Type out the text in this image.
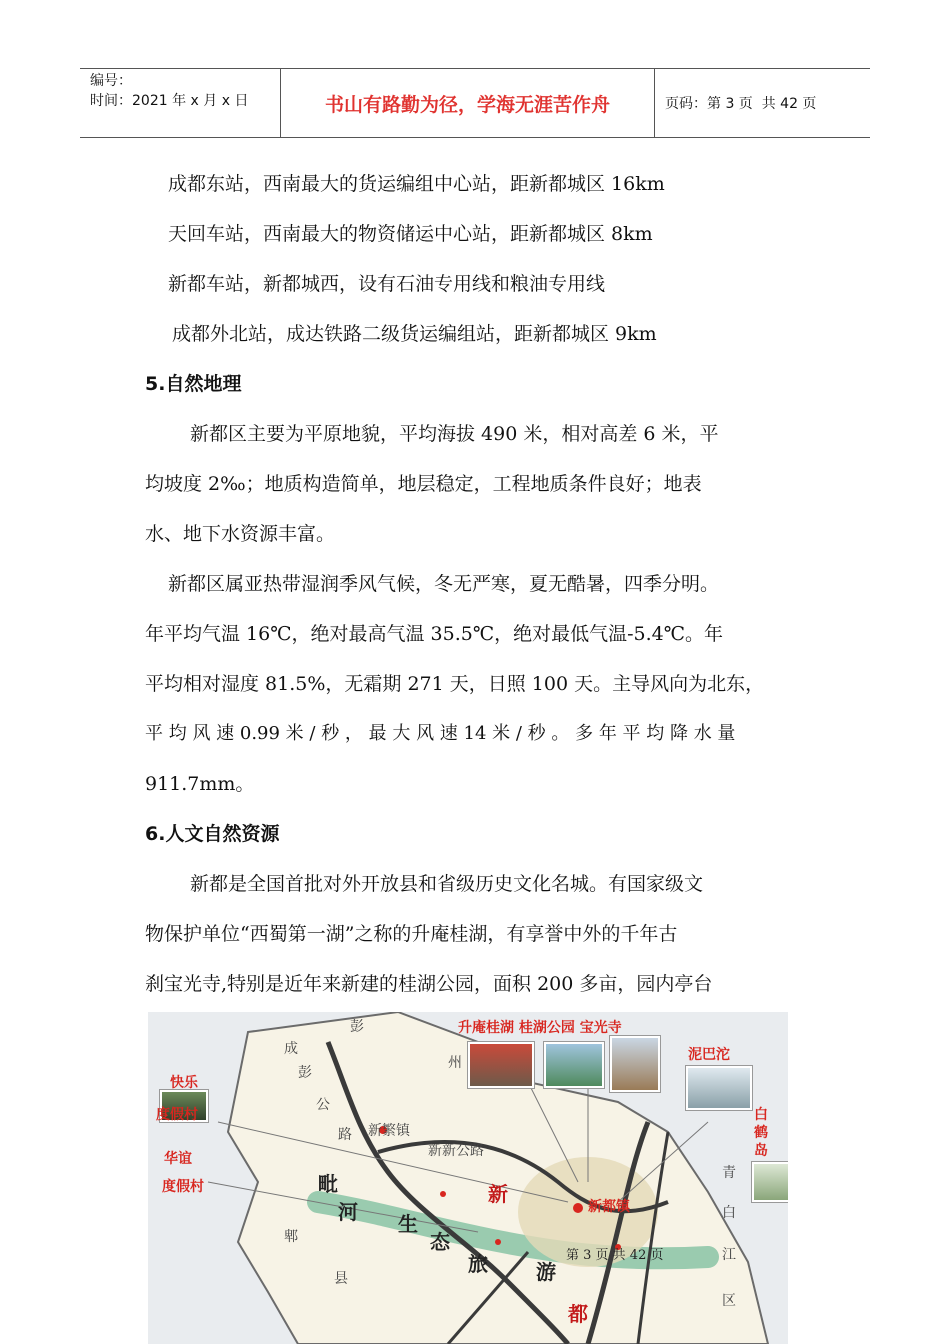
编号：
时间：2021 年 x 月 x 日	书山有路勤为径，学海无涯苦作舟	页码：第 3 页  共 42 页
成都东站，西南最大的货运编组中心站，距新都城区 16km
天回车站，西南最大的物资储运中心站，距新都城区 8km
新都车站，新都城西，设有石油专用线和粮油专用线
成都外北站，成达铁路二级货运编组站，距新都城区 9km
5.自然地理
新都区主要为平原地貌，平均海拔 490 米，相对高差 6 米，平
均坡度 2‰；地质构造简单，地层稳定，工程地质条件良好；地表
水、地下水资源丰富。
新都区属亚热带湿润季风气候，冬无严寒，夏无酷暑，四季分明。
年平均气温 16℃，绝对最高气温 35.5℃，绝对最低气温-5.4℃。年
平均相对湿度 81.5%，无霜期 271 天，日照 100 天。主导风向为北东，
平 均 风 速 0.99 米 / 秒 ， 最 大 风 速 14 米 / 秒 。 多 年 平 均 降 水 量
911.7mm。
6.人文自然资源
新都是全国首批对外开放县和省级历史文化名城。有国家级文
物保护单位“西蜀第一湖”之称的升庵桂湖，有享誉中外的千年古
刹宝光寺,特别是近年来新建的桂湖公园，面积 200 多亩，园内亭台
升庵桂湖 桂湖公园 宝光寺
泥巴沱
快乐
度假村
华谊
度假村
白
鹤
岛
毗
河 生
态
旅 游
新
都
新都镇
新繁镇
新新公路
彭
成
彭
公
路
州
郫
县
青
白
江
区
第 3 页 共 42 页
